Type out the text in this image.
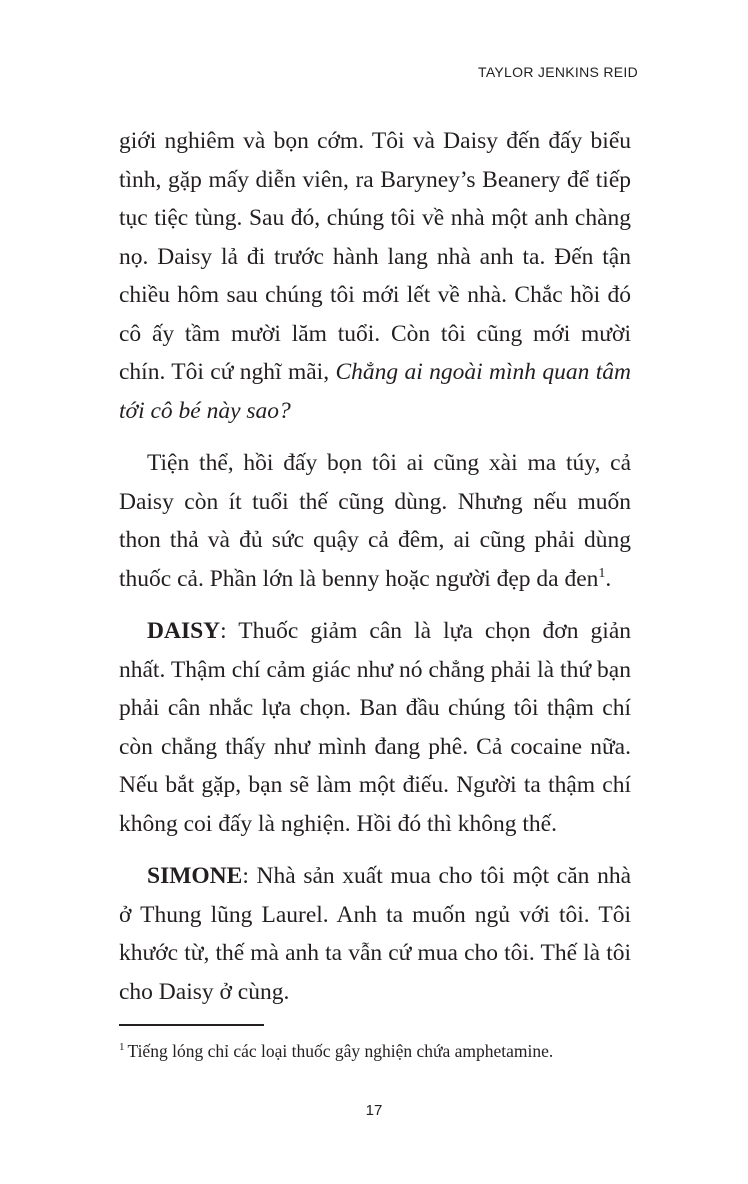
TAYLOR JENKINS REID

giới nghiêm và bọn cớm. Tôi và Daisy đến đấy biểu tình, gặp mấy diễn viên, ra Baryney’s Beanery để tiếp tục tiệc tùng. Sau đó, chúng tôi về nhà một anh chàng nọ. Daisy lả đi trước hành lang nhà anh ta. Đến tận chiều hôm sau chúng tôi mới lết về nhà. Chắc hồi đó cô ấy tầm mười lăm tuổi. Còn tôi cũng mới mười chín. Tôi cứ nghĩ mãi, Chẳng ai ngoài mình quan tâm tới cô bé này sao?

Tiện thể, hồi đấy bọn tôi ai cũng xài ma túy, cả Daisy còn ít tuổi thế cũng dùng. Nhưng nếu muốn thon thả và đủ sức quậy cả đêm, ai cũng phải dùng thuốc cả. Phần lớn là benny hoặc người đẹp da đen$^1$.

DAISY: Thuốc giảm cân là lựa chọn đơn giản nhất. Thậm chí cảm giác như nó chẳng phải là thứ bạn phải cân nhắc lựa chọn. Ban đầu chúng tôi thậm chí còn chẳng thấy như mình đang phê. Cả cocaine nữa. Nếu bắt gặp, bạn sẽ làm một điếu. Người ta thậm chí không coi đấy là nghiện. Hồi đó thì không thế.

SIMONE: Nhà sản xuất mua cho tôi một căn nhà ở Thung lũng Laurel. Anh ta muốn ngủ với tôi. Tôi khước từ, thế mà anh ta vẫn cứ mua cho tôi. Thế là tôi cho Daisy ở cùng.

$^1$ Tiếng lóng chỉ các loại thuốc gây nghiện chứa amphetamine.
17
